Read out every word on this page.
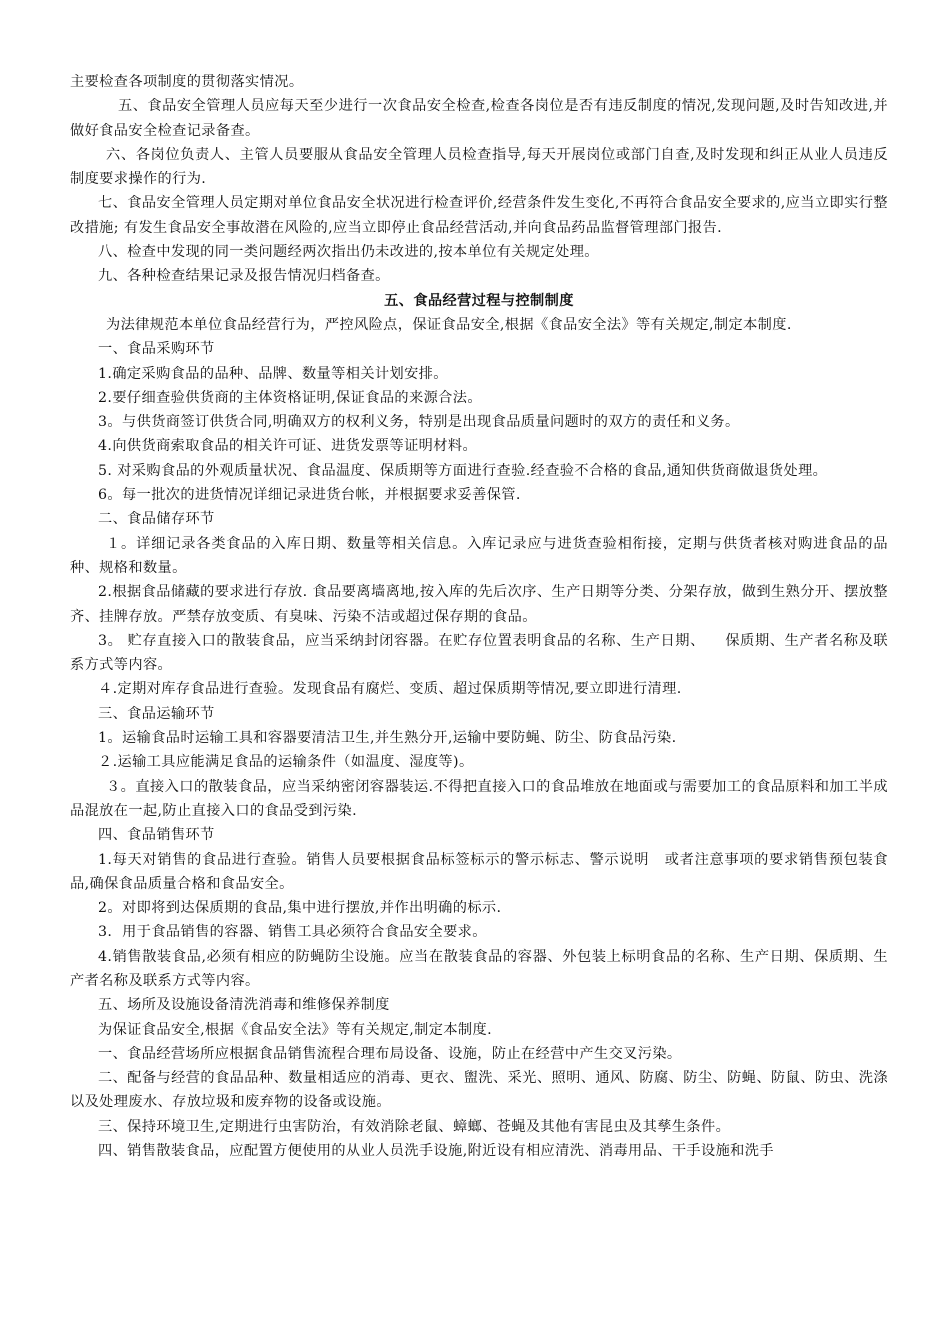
主要检查各项制度的贯彻落实情况。

五、食品安全管理人员应每天至少进行一次食品安全检查,检查各岗位是否有违反制度的情况,发现问题,及时告知改进,并做好食品安全检查记录备查。

六、各岗位负责人、主管人员要服从食品安全管理人员检查指导,每天开展岗位或部门自查,及时发现和纠正从业人员违反制度要求操作的行为.

七、食品安全管理人员定期对单位食品安全状况进行检查评价,经营条件发生变化,不再符合食品安全要求的,应当立即实行整改措施; 有发生食品安全事故潜在风险的,应当立即停止食品经营活动,并向食品药品监督管理部门报告.

八、检查中发现的同一类问题经两次指出仍未改进的,按本单位有关规定处理。

九、各种检查结果记录及报告情况归档备查。

五、食品经营过程与控制制度

为法律规范本单位食品经营行为，严控风险点，保证食品安全,根据《食品安全法》等有关规定,制定本制度.

一、食品采购环节

1.确定采购食品的品种、品牌、数量等相关计划安排。

2.要仔细查验供货商的主体资格证明,保证食品的来源合法。

3。与供货商签订供货合同,明确双方的权利义务，特别是出现食品质量问题时的双方的责任和义务。

4.向供货商索取食品的相关许可证、进货发票等证明材料。

5. 对采购食品的外观质量状况、食品温度、保质期等方面进行查验.经查验不合格的食品,通知供货商做退货处理。

6。每一批次的进货情况详细记录进货台帐，并根据要求妥善保管.

二、食品储存环节

１。详细记录各类食品的入库日期、数量等相关信息。入库记录应与进货查验相衔接，定期与供货者核对购进食品的品种、规格和数量。

2.根据食品储藏的要求进行存放. 食品要离墙离地,按入库的先后次序、生产日期等分类、分架存放，做到生熟分开、摆放整齐、挂牌存放。严禁存放变质、有臭味、污染不洁或超过保存期的食品。

3。 贮存直接入口的散装食品，应当采纳封闭容器。在贮存位置表明食品的名称、生产日期、    保质期、生产者名称及联系方式等内容。

４.定期对库存食品进行查验。发现食品有腐烂、变质、超过保质期等情况,要立即进行清理.

三、食品运输环节

1。运输食品时运输工具和容器要清洁卫生,并生熟分开,运输中要防蝇、防尘、防食品污染.

２.运输工具应能满足食品的运输条件（如温度、湿度等)。

３。直接入口的散装食品，应当采纳密闭容器装运.不得把直接入口的食品堆放在地面或与需要加工的食品原料和加工半成品混放在一起,防止直接入口的食品受到污染.

四、食品销售环节

1.每天对销售的食品进行查验。销售人员要根据食品标签标示的警示标志、警示说明   或者注意事项的要求销售预包装食品,确保食品质量合格和食品安全。

2。对即将到达保质期的食品,集中进行摆放,并作出明确的标示.

3.  用于食品销售的容器、销售工具必须符合食品安全要求。

4.销售散装食品,必须有相应的防蝇防尘设施。应当在散装食品的容器、外包装上标明食品的名称、生产日期、保质期、生产者名称及联系方式等内容。

五、场所及设施设备清洗消毒和维修保养制度

为保证食品安全,根据《食品安全法》等有关规定,制定本制度.

一、食品经营场所应根据食品销售流程合理布局设备、设施，防止在经营中产生交叉污染。

二、配备与经营的食品品种、数量相适应的消毒、更衣、盥洗、采光、照明、通风、防腐、防尘、防蝇、防鼠、防虫、洗涤以及处理废水、存放垃圾和废弃物的设备或设施。

三、保持环境卫生,定期进行虫害防治，有效消除老鼠、蟑螂、苍蝇及其他有害昆虫及其孳生条件。

四、销售散装食品，应配置方便使用的从业人员洗手设施,附近设有相应清洗、消毒用品、干手设施和洗手
